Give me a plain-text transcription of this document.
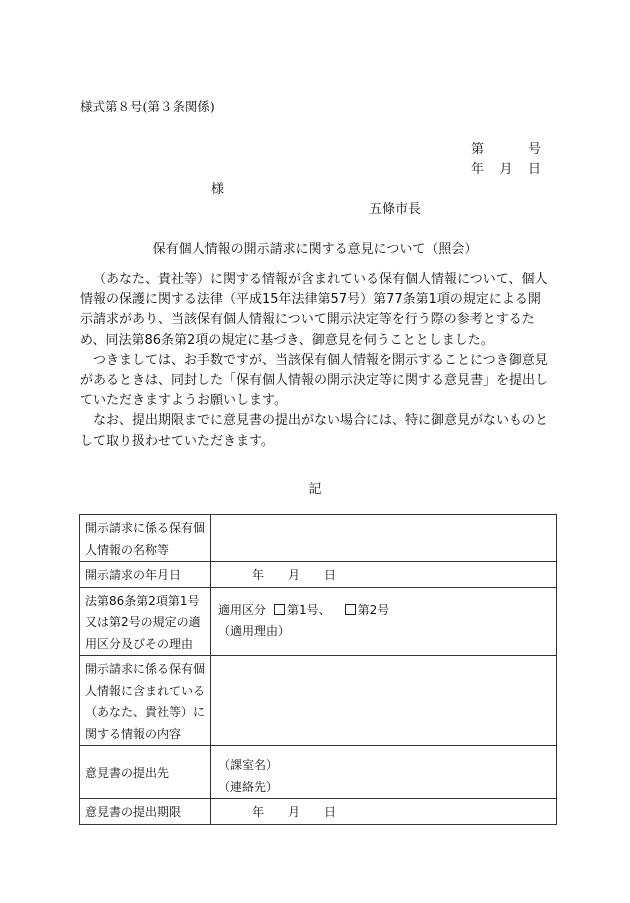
様式第８号(第３条関係)
第	号
年 月 日
様
五條市長
保有個人情報の開示請求に関する意見について（照会）

（あなた、貴社等）に関する情報が含まれている保有個人情報について、個人情報の保護に関する法律（平成15年法律第57号）第77条第1項の規定による開示請求があり、当該保有個人情報について開示決定等を行う際の参考とするため、同法第86条第2項の規定に基づき、御意見を伺うこととしました。

つきましては、お手数ですが、当該保有個人情報を開示することにつき御意見があるときは、同封した「保有個人情報の開示決定等に関する意見書」を提出していただきますようお願いします。

なお、提出期限までに意見書の提出がない場合には、特に御意見がないものとして取り扱わせていただきます。

記
開示請求に係る保有個人情報の名称等	
開示請求の年月日	年 月 日
法第86条第2項第1号又は第2号の規定の適用区分及びその理由	適用区分 第1号、 第2号
（適用理由）

開示請求に係る保有個人情報に含まれている（あなた、貴社等）に関する情報の内容	
意見書の提出先	（課室名）
（連絡先）

意見書の提出期限	年 月 日
